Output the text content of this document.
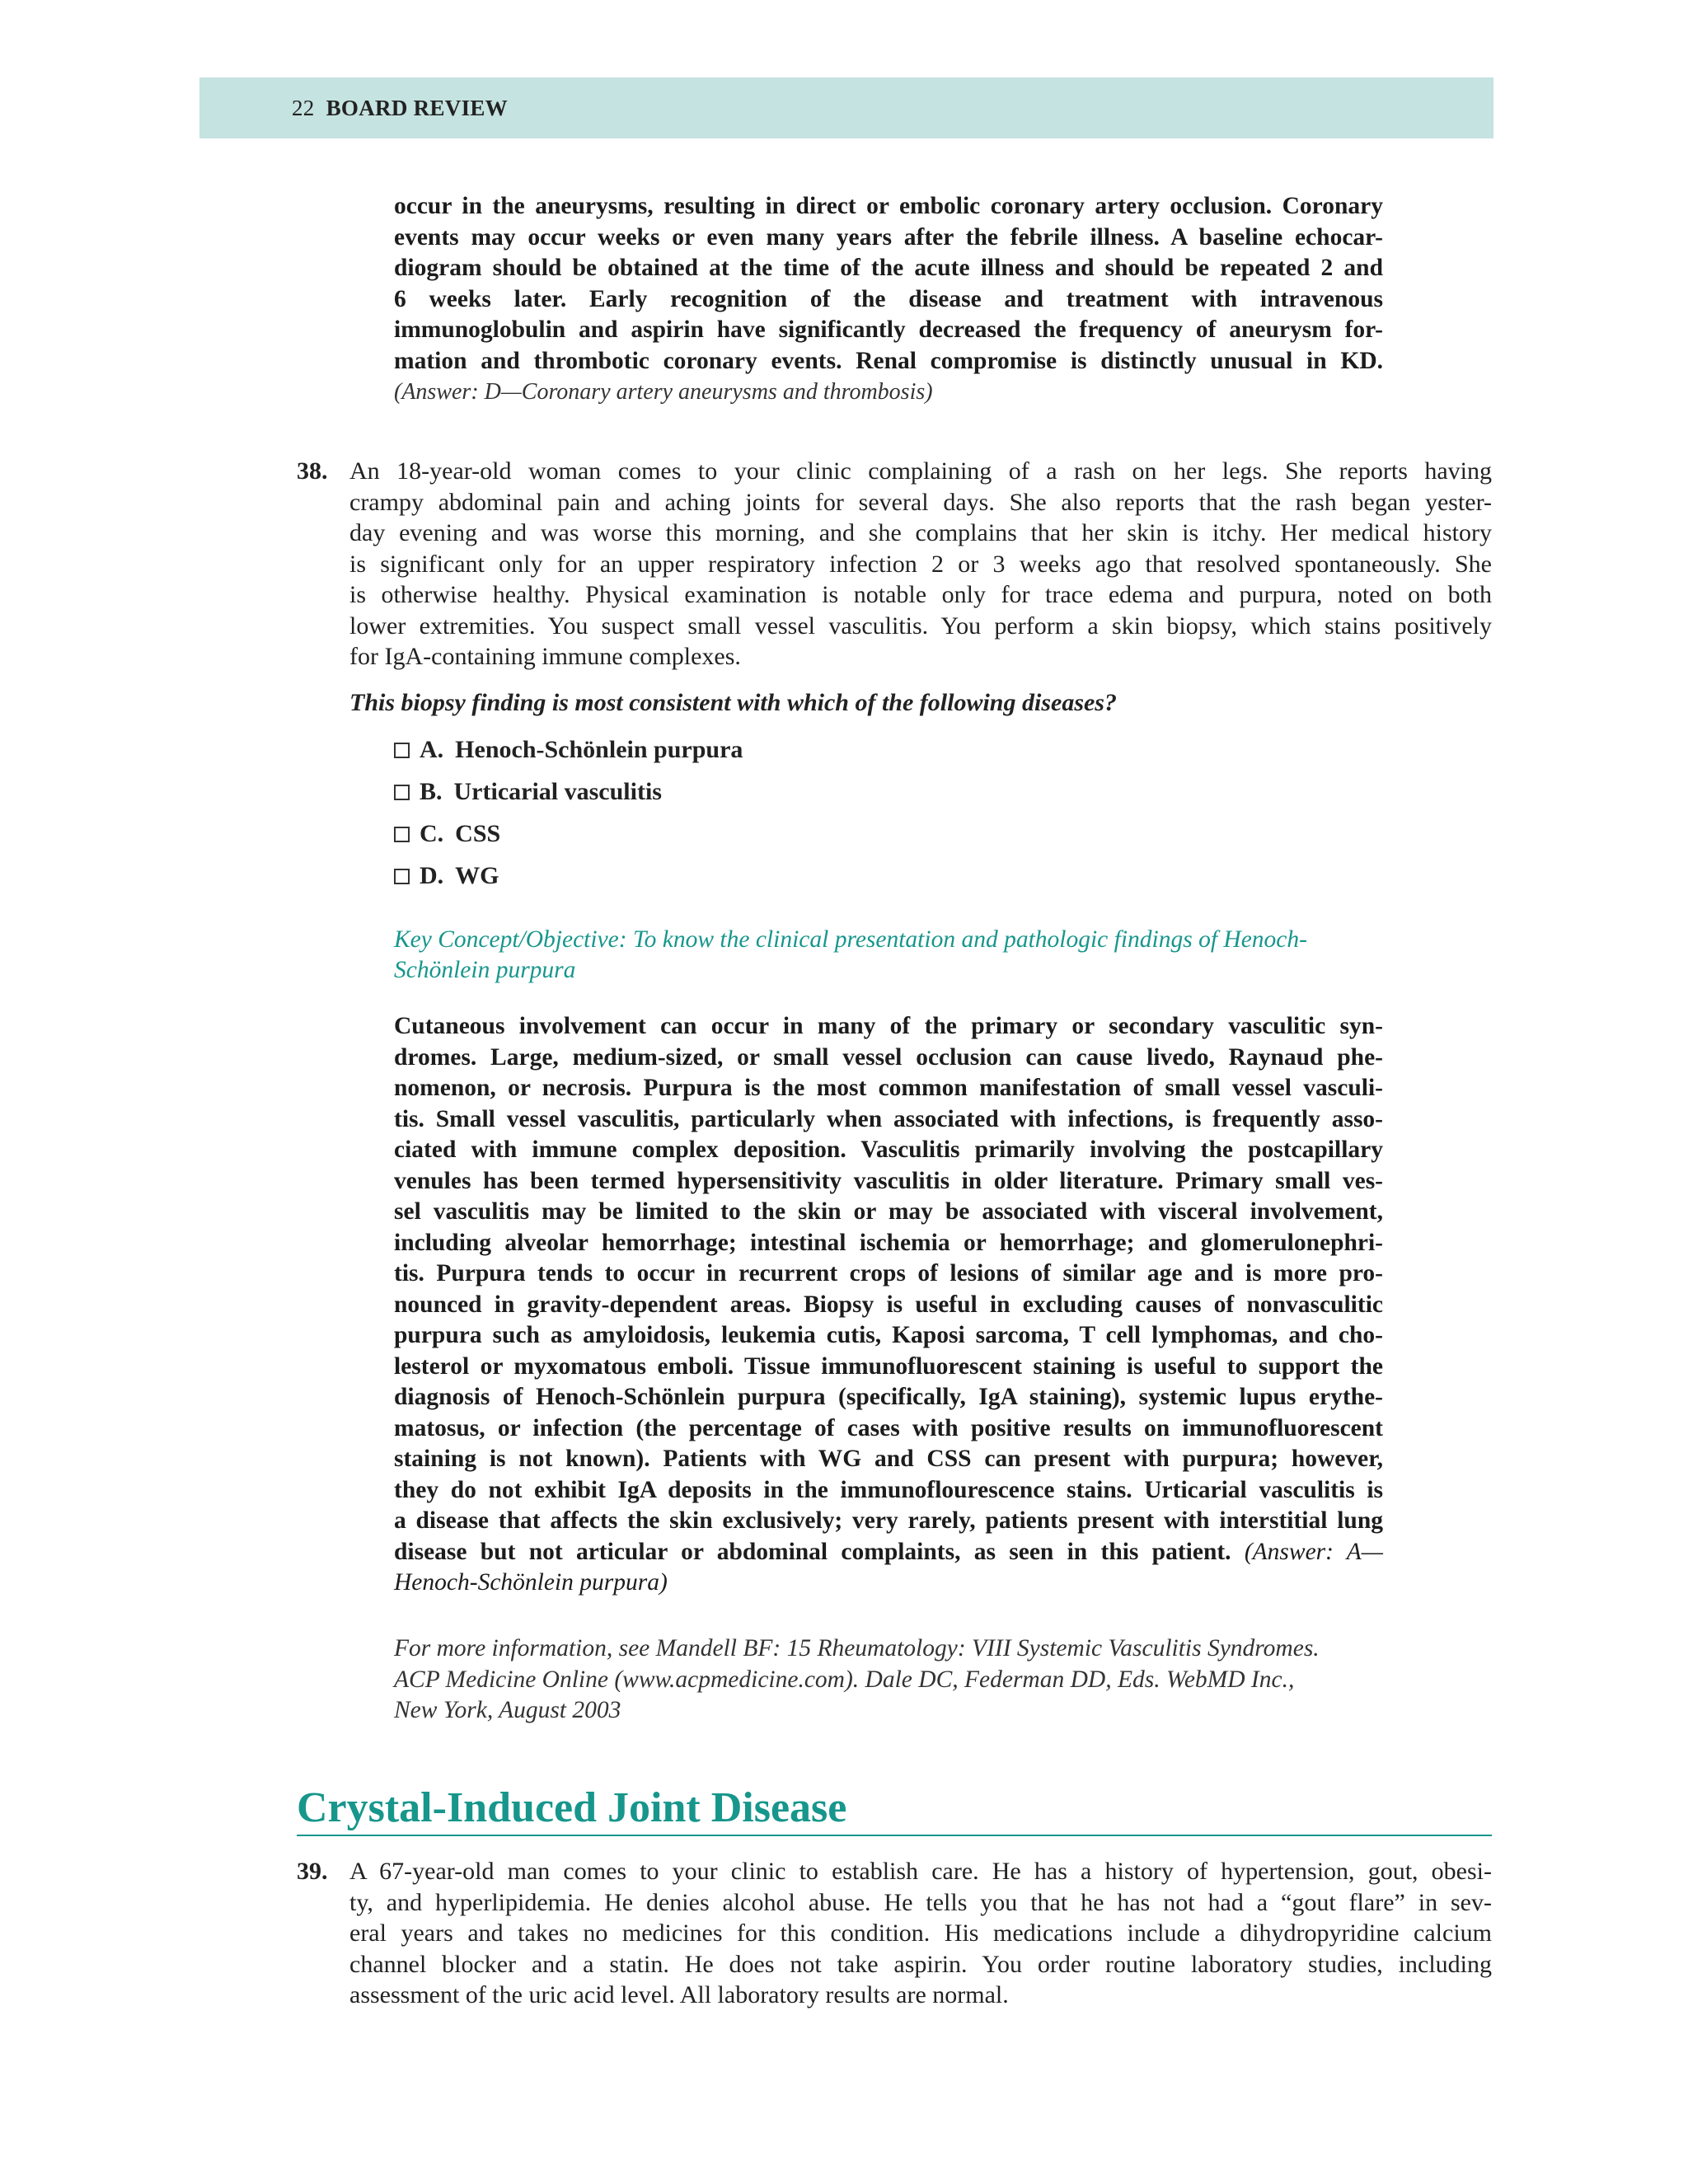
22 BOARD REVIEW
occur in the aneurysms, resulting in direct or embolic coronary artery occlusion. Coronary
events may occur weeks or even many years after the febrile illness. A baseline echocar-
diogram should be obtained at the time of the acute illness and should be repeated 2 and
6 weeks later. Early recognition of the disease and treatment with intravenous
immunoglobulin and aspirin have significantly decreased the frequency of aneurysm for-
mation and thrombotic coronary events. Renal compromise is distinctly unusual in KD.
(Answer: D—Coronary artery aneurysms and thrombosis)
38. An 18-year-old woman comes to your clinic complaining of a rash on her legs. She reports having
crampy abdominal pain and aching joints for several days. She also reports that the rash began yester-
day evening and was worse this morning, and she complains that her skin is itchy. Her medical history
is significant only for an upper respiratory infection 2 or 3 weeks ago that resolved spontaneously. She
is otherwise healthy. Physical examination is notable only for trace edema and purpura, noted on both
lower extremities. You suspect small vessel vasculitis. You perform a skin biopsy, which stains positively
for IgA-containing immune complexes.
This biopsy finding is most consistent with which of the following diseases?
A. Henoch-Schönlein purpura
B. Urticarial vasculitis
C. CSS
D. WG
Key Concept/Objective: To know the clinical presentation and pathologic findings of Henoch-
Schönlein purpura
Cutaneous involvement can occur in many of the primary or secondary vasculitic syn-
dromes. Large, medium-sized, or small vessel occlusion can cause livedo, Raynaud phe-
nomenon, or necrosis. Purpura is the most common manifestation of small vessel vasculi-
tis. Small vessel vasculitis, particularly when associated with infections, is frequently asso-
ciated with immune complex deposition. Vasculitis primarily involving the postcapillary
venules has been termed hypersensitivity vasculitis in older literature. Primary small ves-
sel vasculitis may be limited to the skin or may be associated with visceral involvement,
including alveolar hemorrhage; intestinal ischemia or hemorrhage; and glomerulonephri-
tis. Purpura tends to occur in recurrent crops of lesions of similar age and is more pro-
nounced in gravity-dependent areas. Biopsy is useful in excluding causes of nonvasculitic
purpura such as amyloidosis, leukemia cutis, Kaposi sarcoma, T cell lymphomas, and cho-
lesterol or myxomatous emboli. Tissue immunofluorescent staining is useful to support the
diagnosis of Henoch-Schönlein purpura (specifically, IgA staining), systemic lupus erythe-
matosus, or infection (the percentage of cases with positive results on immunofluorescent
staining is not known). Patients with WG and CSS can present with purpura; however,
they do not exhibit IgA deposits in the immunoflourescence stains. Urticarial vasculitis is
a disease that affects the skin exclusively; very rarely, patients present with interstitial lung
disease but not articular or abdominal complaints, as seen in this patient. (Answer: A—
Henoch-Schönlein purpura)
For more information, see Mandell BF: 15 Rheumatology: VIII Systemic Vasculitis Syndromes.
ACP Medicine Online (www.acpmedicine.com). Dale DC, Federman DD, Eds. WebMD Inc.,
New York, August 2003
Crystal-Induced Joint Disease
39. A 67-year-old man comes to your clinic to establish care. He has a history of hypertension, gout, obesi-
ty, and hyperlipidemia. He denies alcohol abuse. He tells you that he has not had a “gout flare” in sev-
eral years and takes no medicines for this condition. His medications include a dihydropyridine calcium
channel blocker and a statin. He does not take aspirin. You order routine laboratory studies, including
assessment of the uric acid level. All laboratory results are normal.
